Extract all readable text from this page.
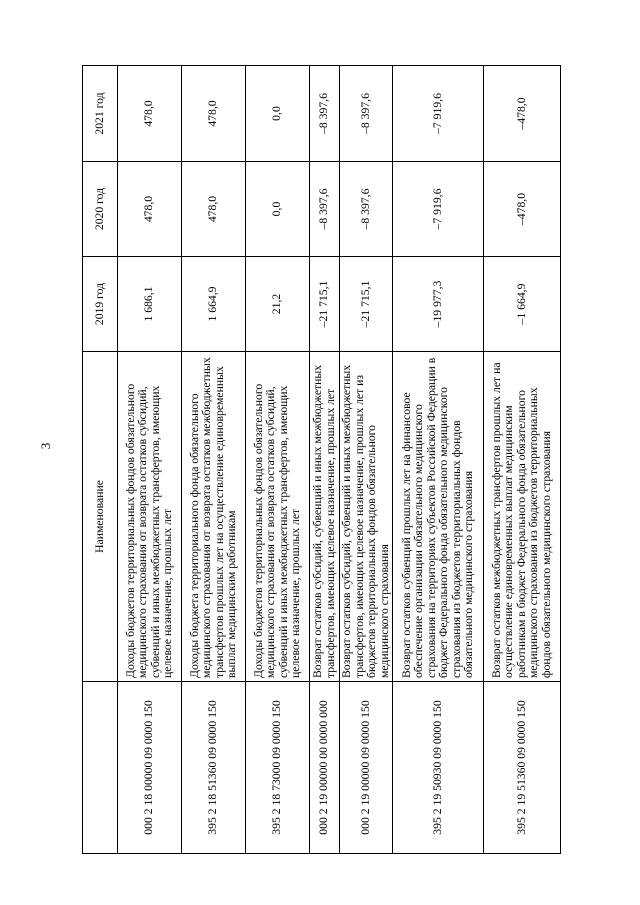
3
	Наименование	2019 год	2020 год	2021 год
000 2 18 00000 09 0000 150	Доходы бюджетов территориальных фондов обязательного медицинского страхования от возврата остатков субсидий, субвенций и иных межбюджетных трансфертов, имеющих целевое назначение, прошлых лет	1 686,1	478,0	478,0
395 2 18 51360 09 0000 150	Доходы бюджета территориального фонда обязательного медицинского страхования от возврата остатков межбюджетных трансфертов прошлых лет на осуществление единовременных выплат медицинским работникам	1 664,9	478,0	478,0
395 2 18 73000 09 0000 150	Доходы бюджетов территориальных фондов обязательного медицинского страхования от возврата остатков субсидий, субвенций и иных межбюджетных трансфертов, имеющих целевое назначение, прошлых лет	21,2	0,0	0,0
000 2 19 00000 00 0000 000	Возврат остатков субсидий, субвенций и иных межбюджетных трансфертов, имеющих целевое назначение, прошлых лет	–21 715,1	–8 397,6	–8 397,6
000 2 19 00000 09 0000 150	Возврат остатков субсидий, субвенций и иных межбюджетных трансфертов, имеющих целевое назначение, прошлых лет из бюджетов территориальных фондов обязательного медицинского страхования	–21 715,1	–8 397,6	–8 397,6
395 2 19 50930 09 0000 150	Возврат остатков субвенций прошлых лет на финансовое обеспечение организации обязательного медицинского страхования на территориях субъектов Российской Федерации в бюджет Федерального фонда обязательного медицинского страхования из бюджетов территориальных фондов обязательного медицинского страхования	–19 977,3	–7 919,6	–7 919,6
395 2 19 51360 09 0000 150	Возврат остатков межбюджетных трансфертов прошлых лет на осуществление единовременных выплат медицинским работникам в бюджет Федерального фонда обязательного медицинского страхования из бюджетов территориальных фондов обязательного медицинского страхования	–1 664,9	–478,0	–478,0
